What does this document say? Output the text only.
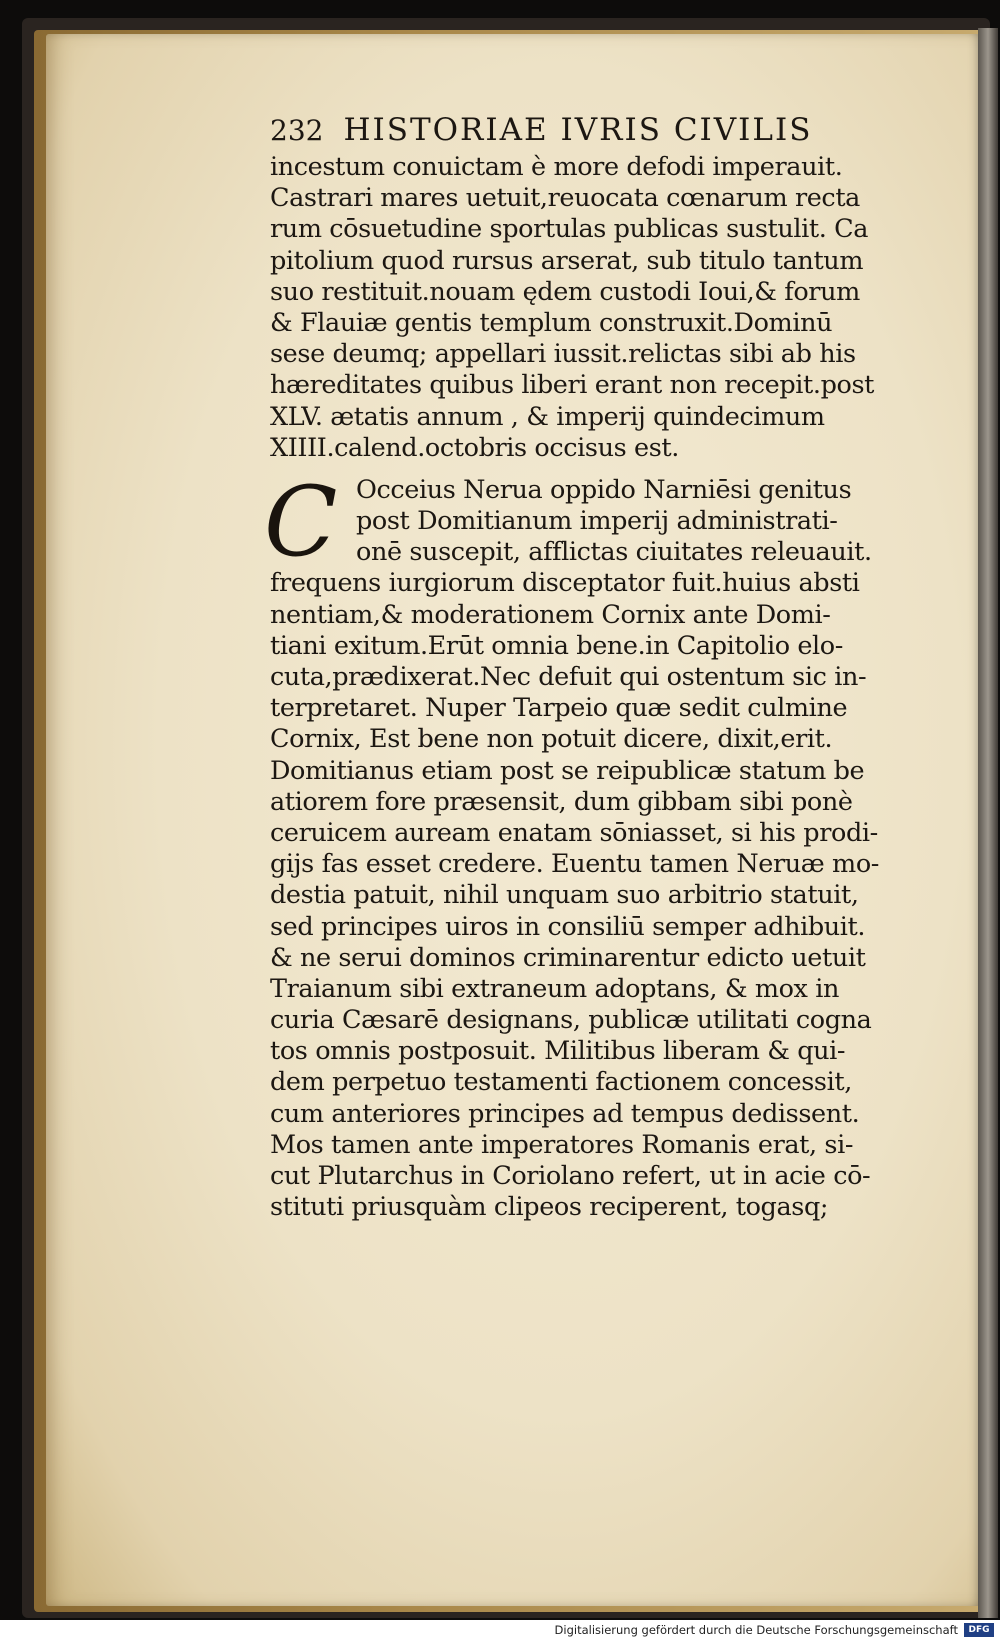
232 HISTORIAE IVRIS CIVILIS
incestum conuictam è more defodi imperauit.
Castrari mares uetuit,reuocata cœnarum recta
rum cōsuetudine sportulas publicas sustulit. Ca
pitolium quod rursus arserat, sub titulo tantum
suo restituit.nouam ędem custodi Ioui,& forum
& Flauiæ gentis templum construxit.Dominū
sese deumq; appellari iussit.relictas sibi ab his
hæreditates quibus liberi erant non recepit.post
XLV. ætatis annum , & imperij quindecimum
XIIII.calend.octobris occisus est.
C Occeius Nerua oppido Narniēsi genitus
post Domitianum imperij administrati-
onē suscepit, afflictas ciuitates releuauit.
frequens iurgiorum disceptator fuit.huius absti
nentiam,& moderationem Cornix ante Domi-
tiani exitum.Erūt omnia bene.in Capitolio elo-
cuta,prædixerat.Nec defuit qui ostentum sic in-
terpretaret. Nuper Tarpeio quæ sedit culmine
Cornix, Est bene non potuit dicere, dixit,erit.
Domitianus etiam post se reipublicæ statum be
atiorem fore præsensit, dum gibbam sibi ponè
ceruicem auream enatam sōniasset, si his prodi-
gijs fas esset credere. Euentu tamen Neruæ mo-
destia patuit, nihil unquam suo arbitrio statuit,
sed principes uiros in consiliū semper adhibuit.
& ne serui dominos criminarentur edicto uetuit
Traianum sibi extraneum adoptans, & mox in
curia Cæsarē designans, publicæ utilitati cogna
tos omnis postposuit. Militibus liberam & qui-
dem perpetuo testamenti factionem concessit,
cum anteriores principes ad tempus dedissent.
Mos tamen ante imperatores Romanis erat, si-
cut Plutarchus in Coriolano refert, ut in acie cō-
stituti priusquàm clipeos reciperent, togasq;
Digitalisierung gefördert durch die Deutsche Forschungsgemeinschaft	DFG
